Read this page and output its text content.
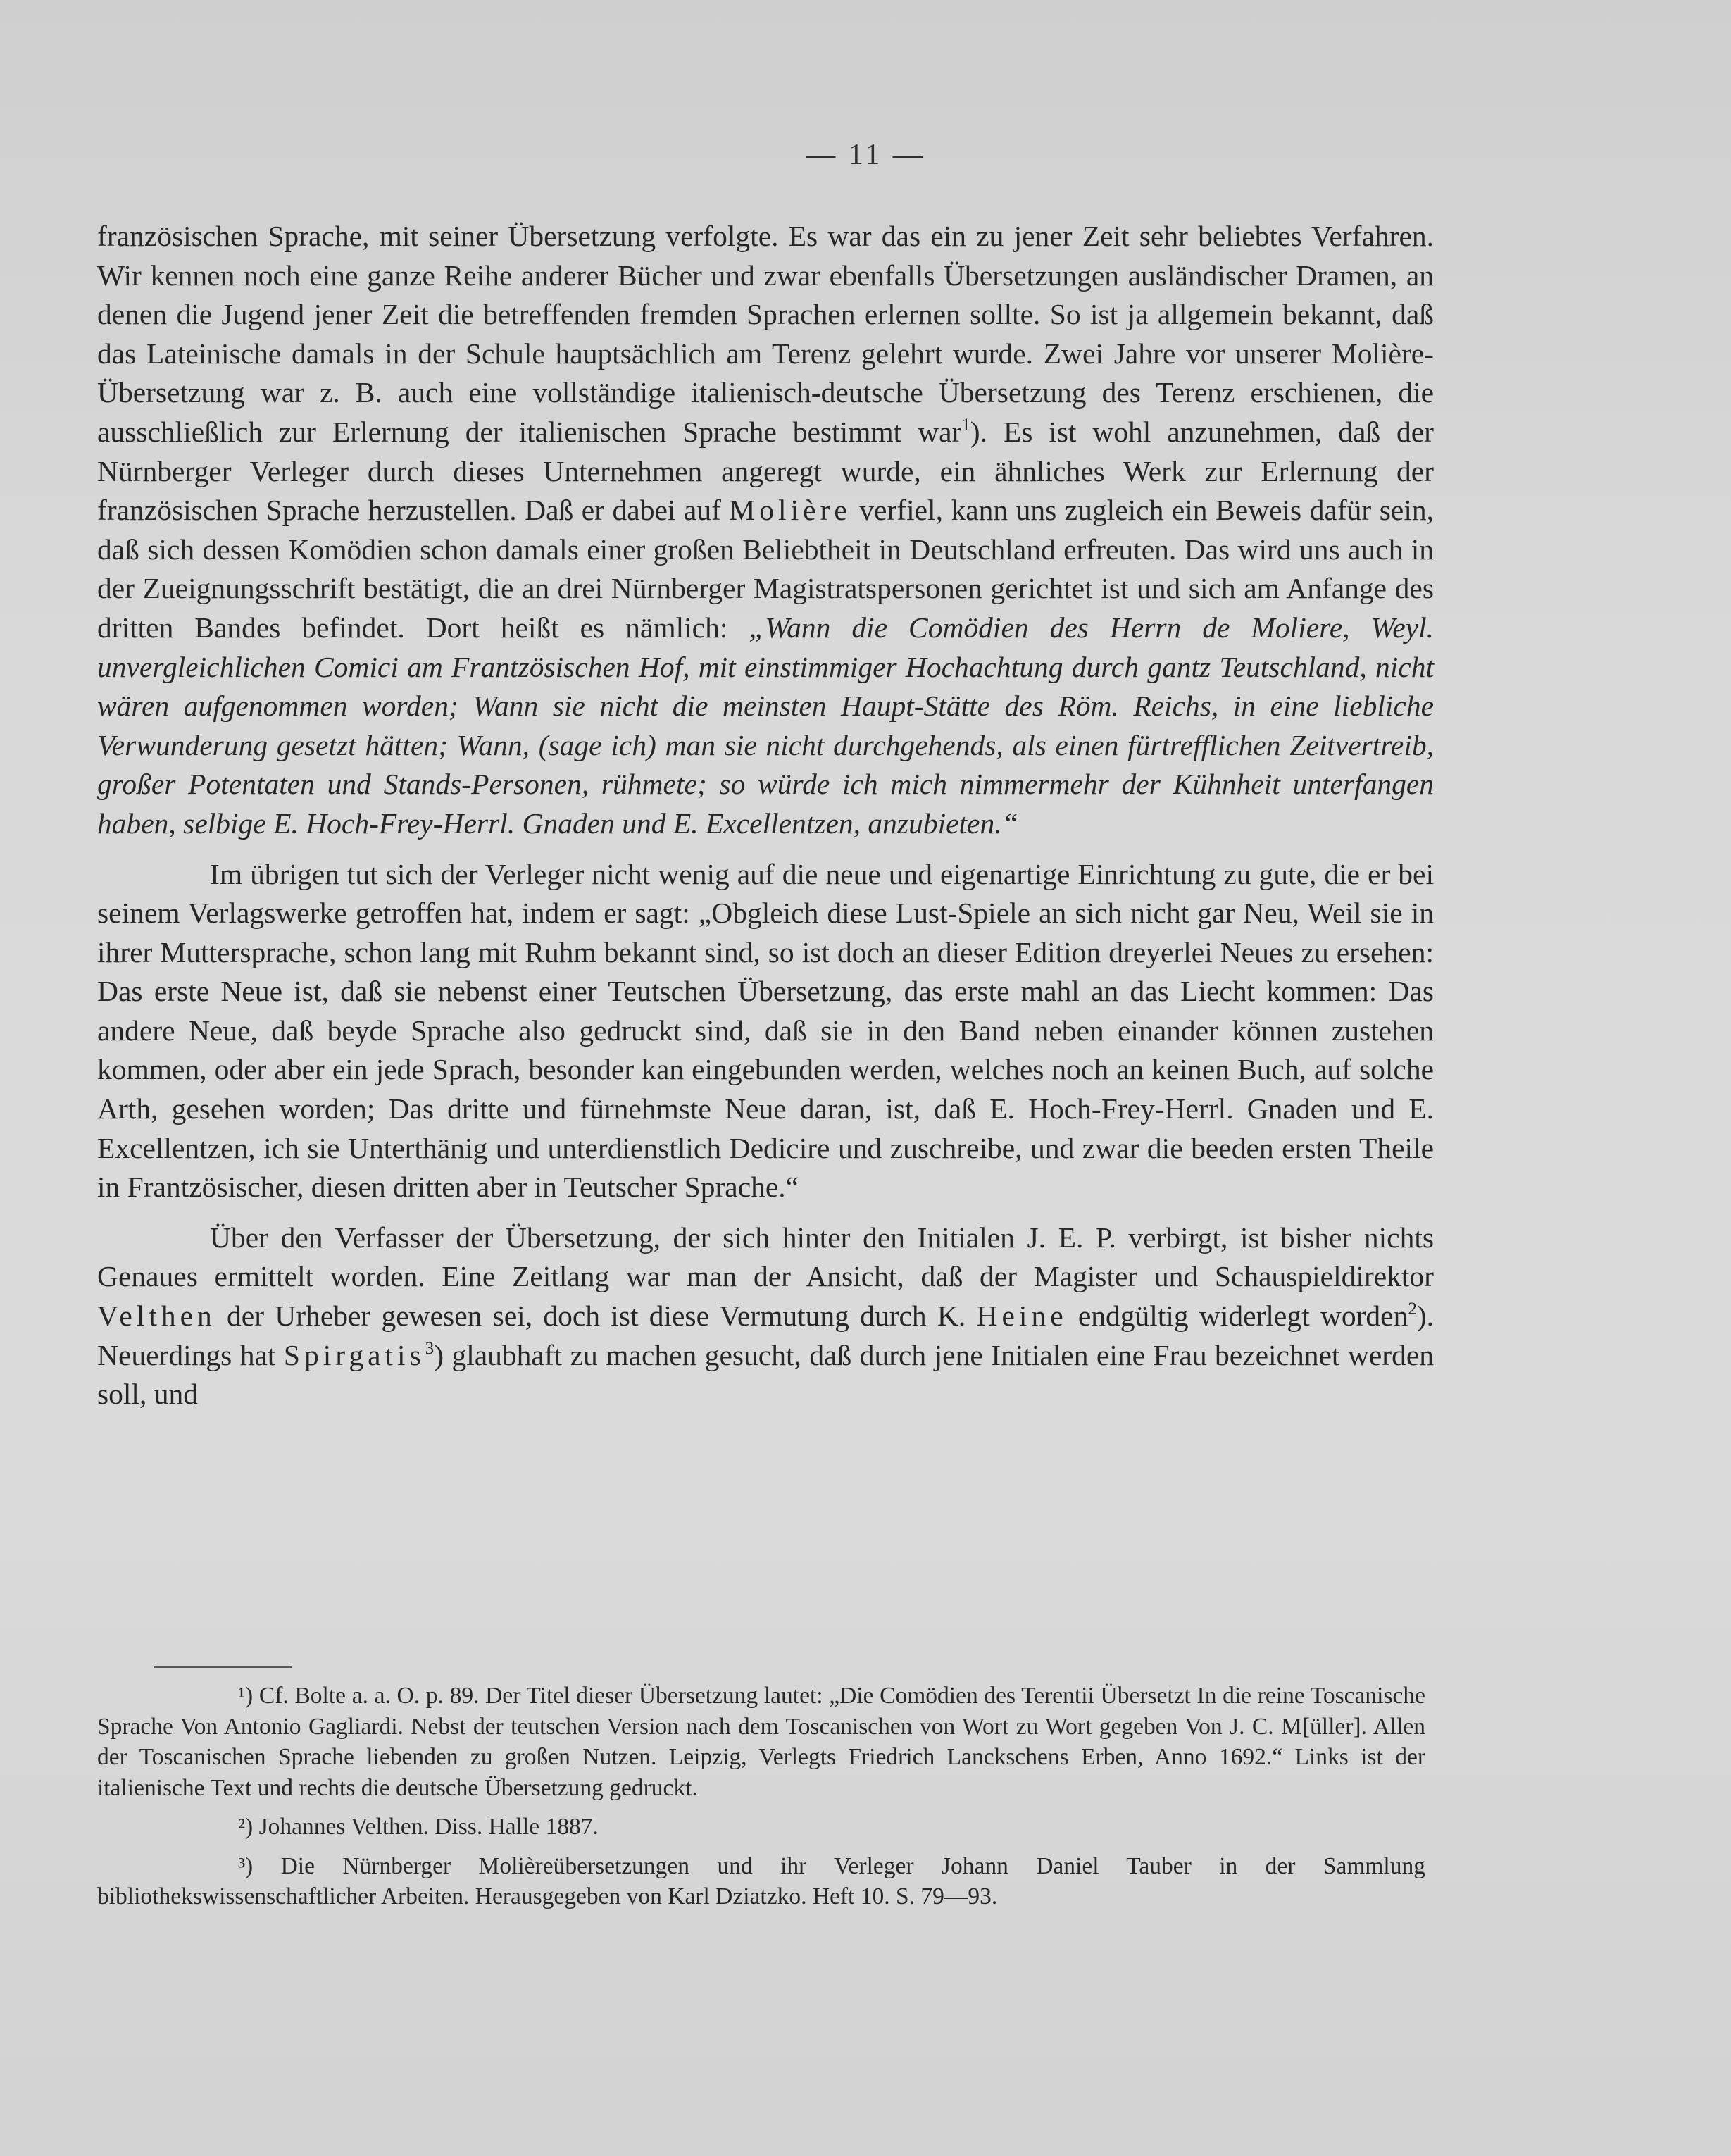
— 11 —

französischen Sprache, mit seiner Übersetzung verfolgte. Es war das ein zu jener Zeit sehr beliebtes Verfahren. Wir kennen noch eine ganze Reihe anderer Bücher und zwar ebenfalls Übersetzungen ausländischer Dramen, an denen die Jugend jener Zeit die betreffenden fremden Sprachen erlernen sollte. So ist ja allgemein bekannt, daß das Lateinische damals in der Schule hauptsächlich am Terenz gelehrt wurde. Zwei Jahre vor unserer Molière-Übersetzung war z. B. auch eine vollständige italienisch-deutsche Übersetzung des Terenz erschienen, die ausschließlich zur Erlernung der italienischen Sprache bestimmt war$^1$). Es ist wohl anzunehmen, daß der Nürnberger Verleger durch dieses Unternehmen angeregt wurde, ein ähnliches Werk zur Erlernung der französischen Sprache herzustellen. Daß er dabei auf Molière verfiel, kann uns zugleich ein Beweis dafür sein, daß sich dessen Komödien schon damals einer großen Beliebtheit in Deutschland erfreuten. Das wird uns auch in der Zueignungsschrift bestätigt, die an drei Nürnberger Magistratspersonen gerichtet ist und sich am Anfange des dritten Bandes befindet. Dort heißt es nämlich: „Wann die Comödien des Herrn de Moliere, Weyl. unvergleichlichen Comici am Frantzösischen Hof, mit einstimmiger Hochachtung durch gantz Teutschland, nicht wären aufgenommen worden; Wann sie nicht die meinsten Haupt-Stätte des Röm. Reichs, in eine liebliche Verwunderung gesetzt hätten; Wann, (sage ich) man sie nicht durchgehends, als einen fürtrefflichen Zeitvertreib, großer Potentaten und Stands-Personen, rühmete; so würde ich mich nimmermehr der Kühnheit unterfangen haben, selbige E. Hoch-Frey-Herrl. Gnaden und E. Excellentzen, anzubieten.“

Im übrigen tut sich der Verleger nicht wenig auf die neue und eigenartige Einrichtung zu gute, die er bei seinem Verlagswerke getroffen hat, indem er sagt: „Obgleich diese Lust-Spiele an sich nicht gar Neu, Weil sie in ihrer Muttersprache, schon lang mit Ruhm bekannt sind, so ist doch an dieser Edition dreyerlei Neues zu ersehen: Das erste Neue ist, daß sie nebenst einer Teutschen Übersetzung, das erste mahl an das Liecht kommen: Das andere Neue, daß beyde Sprache also gedruckt sind, daß sie in den Band neben einander können zustehen kommen, oder aber ein jede Sprach, besonder kan eingebunden werden, welches noch an keinen Buch, auf solche Arth, gesehen worden; Das dritte und fürnehmste Neue daran, ist, daß E. Hoch-Frey-Herrl. Gnaden und E. Excellentzen, ich sie Unterthänig und unterdienstlich Dedicire und zuschreibe, und zwar die beeden ersten Theile in Frantzösischer, diesen dritten aber in Teutscher Sprache.“

Über den Verfasser der Übersetzung, der sich hinter den Initialen J. E. P. verbirgt, ist bisher nichts Genaues ermittelt worden. Eine Zeitlang war man der Ansicht, daß der Magister und Schauspieldirektor Velthen der Urheber gewesen sei, doch ist diese Vermutung durch K. Heine endgültig widerlegt worden$^2$). Neuerdings hat Spirgatis$^3$) glaubhaft zu machen gesucht, daß durch jene Initialen eine Frau bezeichnet werden soll, und

¹) Cf. Bolte a. a. O. p. 89. Der Titel dieser Übersetzung lautet: „Die Comödien des Terentii Übersetzt In die reine Toscanische Sprache Von Antonio Gagliardi. Nebst der teutschen Version nach dem Toscanischen von Wort zu Wort gegeben Von J. C. M[üller]. Allen der Toscanischen Sprache liebenden zu großen Nutzen. Leipzig, Verlegts Friedrich Lanckschens Erben, Anno 1692.“ Links ist der italienische Text und rechts die deutsche Übersetzung gedruckt.

²) Johannes Velthen. Diss. Halle 1887.

³) Die Nürnberger Molièreübersetzungen und ihr Verleger Johann Daniel Tauber in der Sammlung bibliothekswissenschaftlicher Arbeiten. Herausgegeben von Karl Dziatzko. Heft 10. S. 79—93.
